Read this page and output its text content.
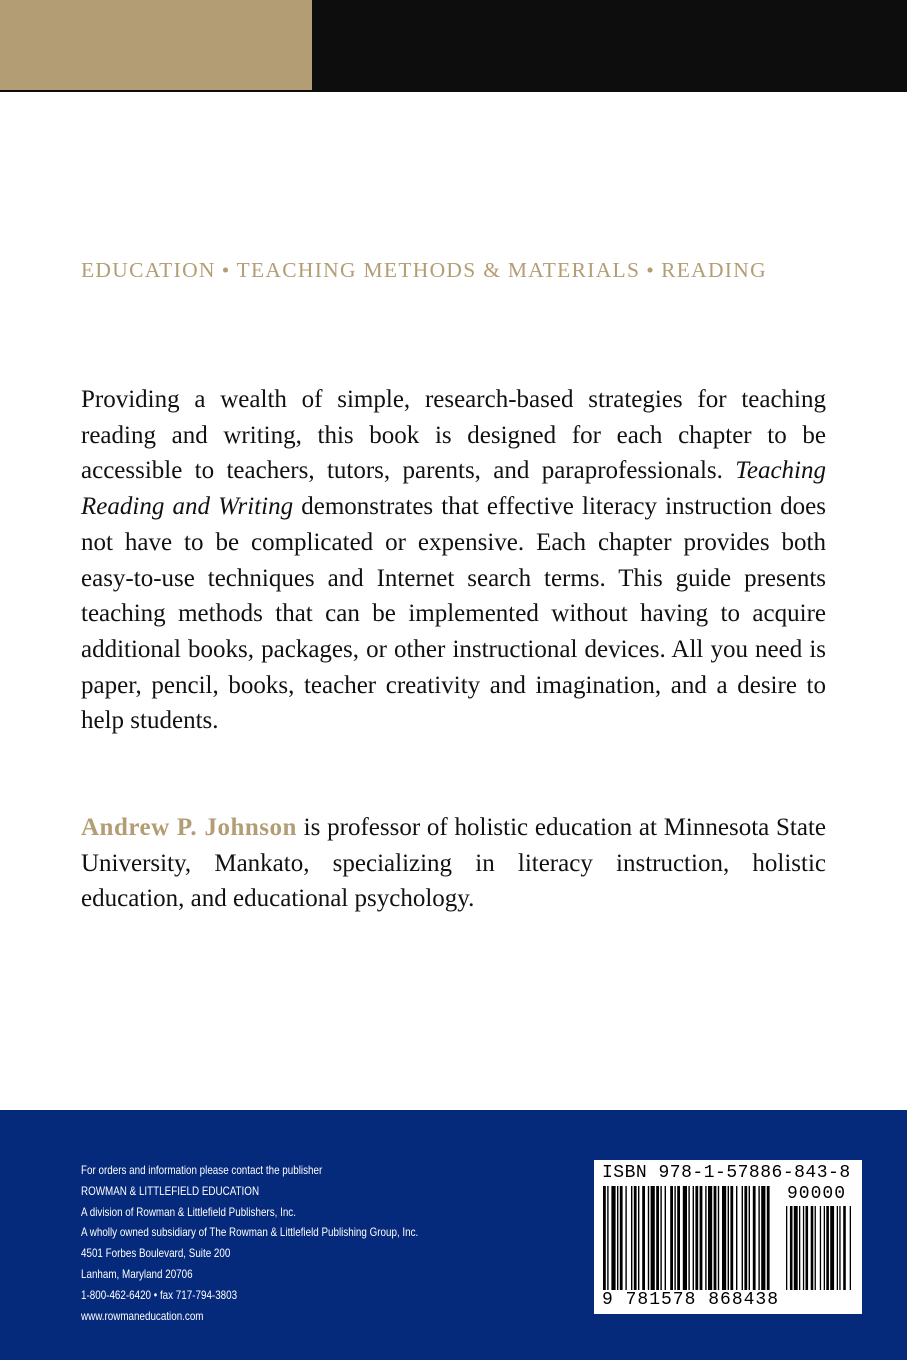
EDUCATION • TEACHING METHODS & MATERIALS • READING

Providing a wealth of simple, research-based strategies for teaching reading and writing, this book is designed for each chapter to be accessible to teachers, tutors, parents, and paraprofessionals. Teaching Reading and Writing demonstrates that effective literacy instruction does not have to be complicated or expensive. Each chapter provides both easy-to-use techniques and Internet search terms. This guide presents teaching methods that can be implemented without having to acquire additional books, packages, or other instructional devices. All you need is paper, pencil, books, teacher creativity and imagination, and a desire to help students.

Andrew P. Johnson is professor of holistic education at Minnesota State University, Mankato, specializing in literacy instruction, holistic education, and educational psychology.

For orders and information please contact the publisher
ROWMAN & LITTLEFIELD EDUCATION
A division of Rowman & Littlefield Publishers, Inc.
A wholly owned subsidiary of The Rowman & Littlefield Publishing Group, Inc.
4501 Forbes Boulevard, Suite 200
Lanham, Maryland 20706
1-800-462-6420 • fax 717-794-3803
www.rowmaneducation.com
ISBN 978-1-57886-843-8
90000
9 781578 868438
